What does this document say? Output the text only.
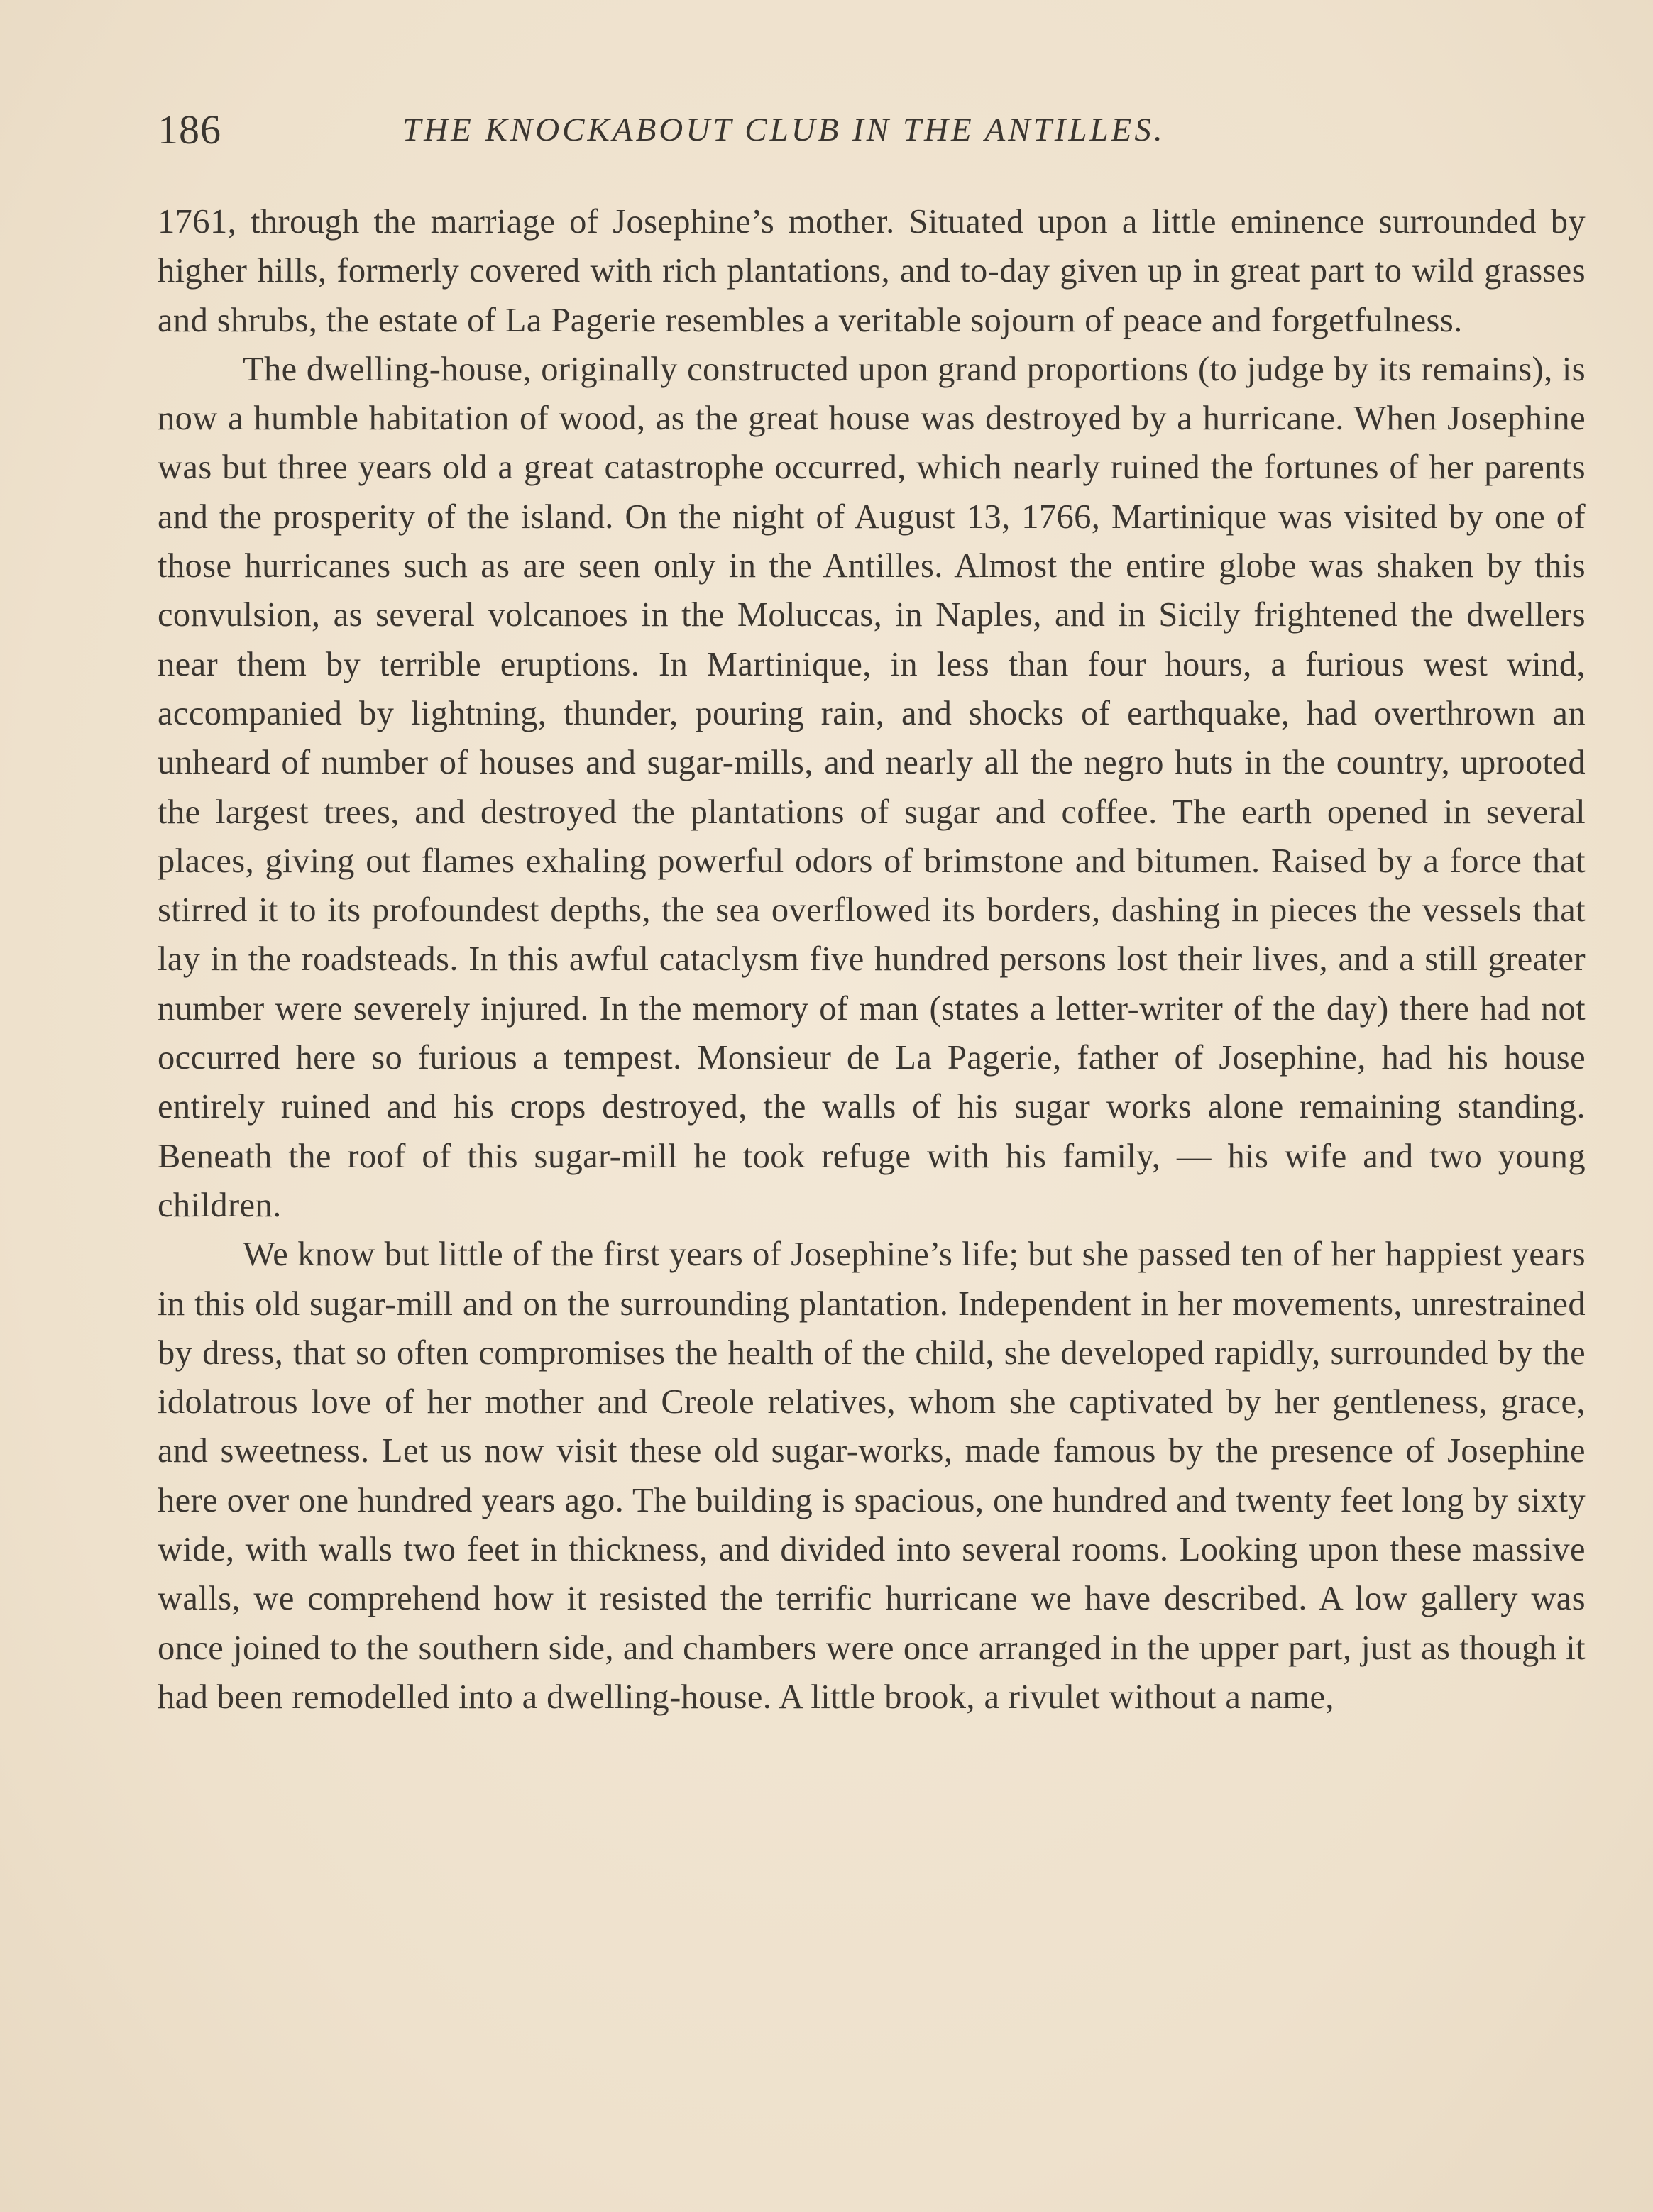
186	THE KNOCKABOUT CLUB IN THE ANTILLES.

1761, through the marriage of Josephine’s mother. Situated upon a little eminence surrounded by higher hills, formerly covered with rich plantations, and to-day given up in great part to wild grasses and shrubs, the estate of La Pagerie resembles a veritable sojourn of peace and forgetfulness.

The dwelling-house, originally constructed upon grand proportions (to judge by its remains), is now a humble habitation of wood, as the great house was destroyed by a hurricane. When Josephine was but three years old a great catastrophe occurred, which nearly ruined the fortunes of her parents and the prosperity of the island. On the night of August 13, 1766, Martinique was visited by one of those hurricanes such as are seen only in the Antilles. Almost the entire globe was shaken by this convulsion, as several volcanoes in the Moluccas, in Naples, and in Sicily frightened the dwellers near them by terrible eruptions. In Martinique, in less than four hours, a furious west wind, accompanied by lightning, thunder, pouring rain, and shocks of earthquake, had overthrown an unheard of number of houses and sugar-mills, and nearly all the negro huts in the country, uprooted the largest trees, and destroyed the plantations of sugar and coffee. The earth opened in several places, giving out flames exhaling powerful odors of brimstone and bitumen. Raised by a force that stirred it to its profoundest depths, the sea overflowed its borders, dashing in pieces the vessels that lay in the roadsteads. In this awful cataclysm five hundred persons lost their lives, and a still greater number were severely injured. In the memory of man (states a letter-writer of the day) there had not occurred here so furious a tempest. Monsieur de La Pagerie, father of Josephine, had his house entirely ruined and his crops destroyed, the walls of his sugar works alone remaining standing. Beneath the roof of this sugar-mill he took refuge with his family, — his wife and two young children.

We know but little of the first years of Josephine’s life; but she passed ten of her happiest years in this old sugar-mill and on the surrounding plantation. Independent in her movements, unrestrained by dress, that so often compromises the health of the child, she developed rapidly, surrounded by the idolatrous love of her mother and Creole relatives, whom she captivated by her gentleness, grace, and sweetness. Let us now visit these old sugar-works, made famous by the presence of Josephine here over one hundred years ago. The building is spacious, one hundred and twenty feet long by sixty wide, with walls two feet in thickness, and divided into several rooms. Looking upon these massive walls, we comprehend how it resisted the terrific hurricane we have described. A low gallery was once joined to the southern side, and chambers were once arranged in the upper part, just as though it had been remodelled into a dwelling-house. A little brook, a rivulet without a name,
